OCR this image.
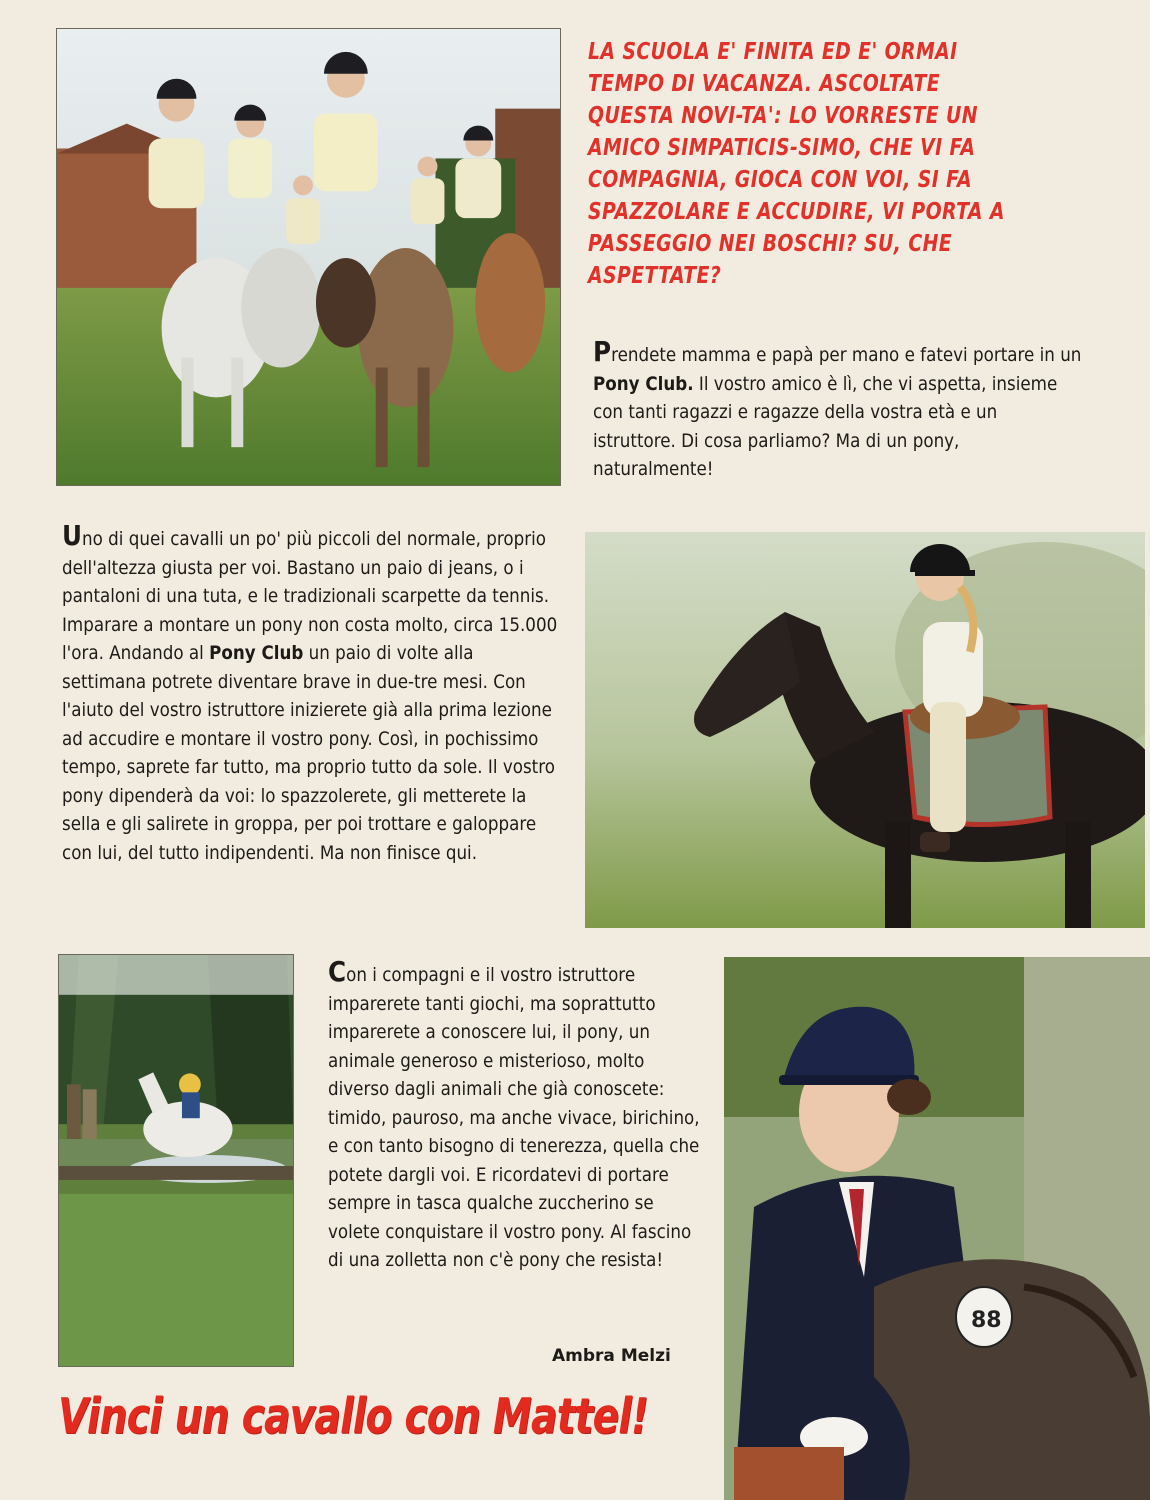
LA SCUOLA E' FINITA ED E' ORMAI TEMPO DI VACANZA. ASCOLTATE QUESTA NOVI-TA': LO VORRESTE UN AMICO SIMPATICIS-SIMO, CHE VI FA COMPAGNIA, GIOCA CON VOI, SI FA SPAZZOLARE E ACCUDIRE, VI PORTA A PASSEGGIO NEI BOSCHI? SU, CHE ASPETTATE?

Prendete mamma e papà per mano e fatevi portare in un Pony Club. Il vostro amico è lì, che vi aspetta, insieme con tanti ragazzi e ragazze della vostra età e un istruttore. Di cosa parliamo? Ma di un pony, naturalmente!

Uno di quei cavalli un po' più piccoli del normale, proprio dell'altezza giusta per voi. Bastano un paio di jeans, o i pantaloni di una tuta, e le tradizionali scarpette da tennis. Imparare a montare un pony non costa molto, circa 15.000 l'ora. Andando al Pony Club un paio di volte alla settimana potrete diventare brave in due-tre mesi. Con l'aiuto del vostro istruttore inizierete già alla prima lezione ad accudire e montare il vostro pony. Così, in pochissimo tempo, saprete far tutto, ma proprio tutto da sole. Il vostro pony dipenderà da voi: lo spazzolerete, gli metterete la sella e gli salirete in groppa, per poi trottare e galoppare con lui, del tutto indipendenti. Ma non finisce qui.

Con i compagni e il vostro istruttore imparerete tanti giochi, ma soprattutto imparerete a conoscere lui, il pony, un animale generoso e misterioso, molto diverso dagli animali che già conoscete: timido, pauroso, ma anche vivace, birichino, e con tanto bisogno di tenerezza, quella che potete dargli voi. E ricordatevi di portare sempre in tasca qualche zuccherino se volete conquistare il vostro pony. Al fascino di una zolletta non c'è pony che resista!

Ambra Melzi

88

Vinci un cavallo con Mattel!
